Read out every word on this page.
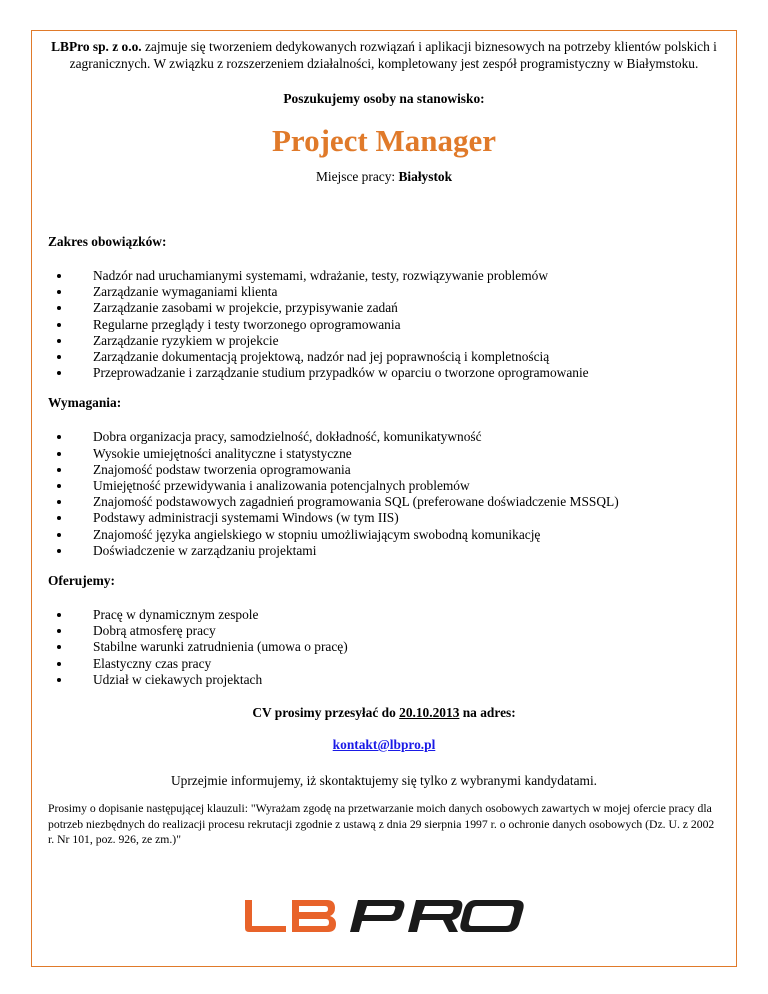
LBPro sp. z o.o. zajmuje się tworzeniem dedykowanych rozwiązań i aplikacji biznesowych na potrzeby klientów polskich i zagranicznych. W związku z rozszerzeniem działalności, kompletowany jest zespół programistyczny w Białymstoku.

Poszukujemy osoby na stanowisko:

Project Manager

Miejsce pracy: Białystok

Zakres obowiązków:
Nadzór nad uruchamianymi systemami, wdrażanie, testy, rozwiązywanie problemów
Zarządzanie wymaganiami klienta
Zarządzanie zasobami w projekcie, przypisywanie zadań
Regularne przeglądy i testy tworzonego oprogramowania
Zarządzanie ryzykiem w projekcie
Zarządzanie dokumentacją projektową, nadzór nad jej poprawnością i kompletnością
Przeprowadzanie i zarządzanie studium przypadków w oparciu o tworzone oprogramowanie
Wymagania:
Dobra organizacja pracy, samodzielność, dokładność, komunikatywność
Wysokie umiejętności analityczne i statystyczne
Znajomość podstaw tworzenia oprogramowania
Umiejętność przewidywania i analizowania potencjalnych problemów
Znajomość podstawowych zagadnień programowania SQL (preferowane doświadczenie MSSQL)
Podstawy administracji systemami Windows (w tym IIS)
Znajomość języka angielskiego w stopniu umożliwiającym swobodną komunikację
Doświadczenie w zarządzaniu projektami
Oferujemy:
Pracę w dynamicznym zespole
Dobrą atmosferę pracy
Stabilne warunki zatrudnienia (umowa o pracę)
Elastyczny czas pracy
Udział w ciekawych projektach

CV prosimy przesyłać do 20.10.2013 na adres:

kontakt@lbpro.pl

Uprzejmie informujemy, iż skontaktujemy się tylko z wybranymi kandydatami.

Prosimy o dopisanie następującej klauzuli: "Wyrażam zgodę na przetwarzanie moich danych osobowych zawartych w mojej ofercie pracy dla potrzeb niezbędnych do realizacji procesu rekrutacji zgodnie z ustawą z dnia 29 sierpnia 1997 r. o ochronie danych osobowych (Dz. U. z 2002 r. Nr 101, poz. 926, ze zm.)"
